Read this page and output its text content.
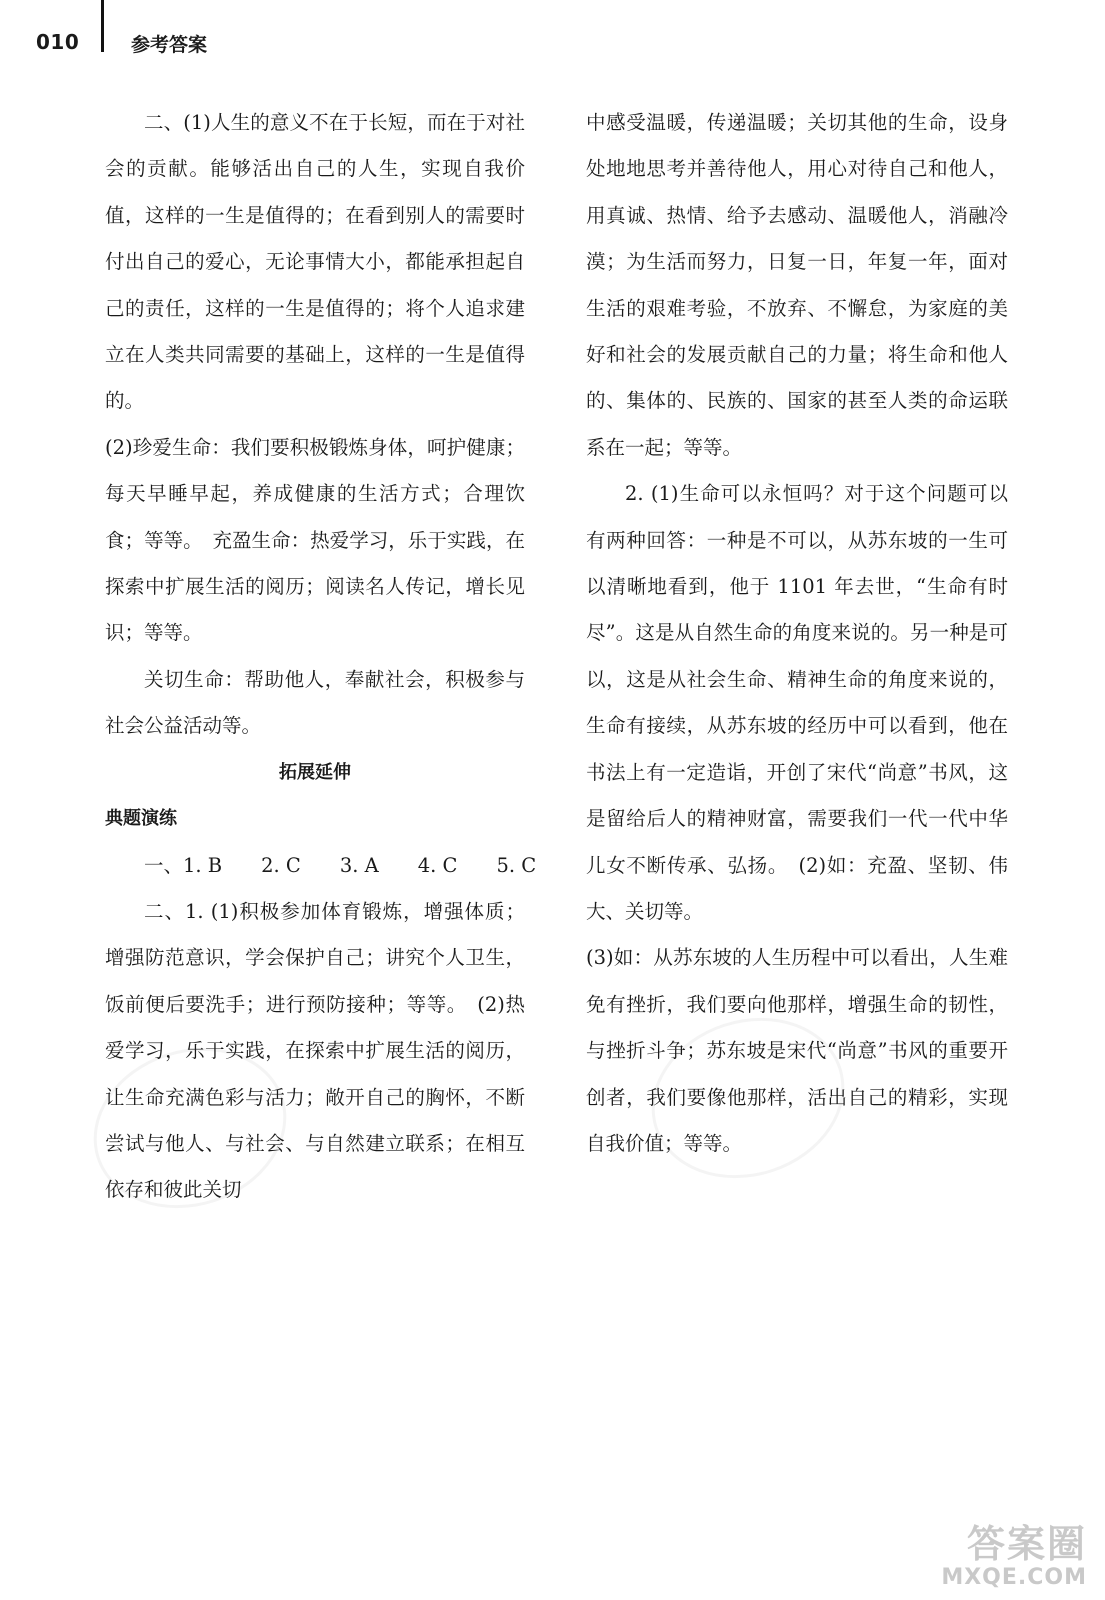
010	参考答案

二、(1)人生的意义不在于长短，而在于对社会的贡献。能够活出自己的人生，实现自我价值，这样的一生是值得的；在看到别人的需要时付出自己的爱心，无论事情大小，都能承担起自己的责任，这样的一生是值得的；将个人追求建立在人类共同需要的基础上，这样的一生是值得的。

(2)珍爱生命：我们要积极锻炼身体，呵护健康；每天早睡早起，养成健康的生活方式；合理饮食；等等。　充盈生命：热爱学习，乐于实践，在探索中扩展生活的阅历；阅读名人传记，增长见识；等等。

关切生命：帮助他人，奉献社会，积极参与社会公益活动等。

拓展延伸

典题演练

一、1. B　　2. C　　3. A　　4. C　　5. C

二、1. (1)积极参加体育锻炼，增强体质；增强防范意识，学会保护自己；讲究个人卫生，饭前便后要洗手；进行预防接种；等等。　(2)热爱学习，乐于实践，在探索中扩展生活的阅历，让生命充满色彩与活力；敞开自己的胸怀，不断尝试与他人、与社会、与自然建立联系；在相互依存和彼此关切

中感受温暖，传递温暖；关切其他的生命，设身处地地思考并善待他人，用心对待自己和他人，用真诚、热情、给予去感动、温暖他人，消融冷漠；为生活而努力，日复一日，年复一年，面对生活的艰难考验，不放弃、不懈怠，为家庭的美好和社会的发展贡献自己的力量；将生命和他人的、集体的、民族的、国家的甚至人类的命运联系在一起；等等。

2. (1)生命可以永恒吗？对于这个问题可以有两种回答：一种是不可以，从苏东坡的一生可以清晰地看到，他于 1101 年去世，“生命有时尽”。这是从自然生命的角度来说的。另一种是可以，这是从社会生命、精神生命的角度来说的，生命有接续，从苏东坡的经历中可以看到，他在书法上有一定造诣，开创了宋代“尚意”书风，这是留给后人的精神财富，需要我们一代一代中华儿女不断传承、弘扬。　(2)如：充盈、坚韧、伟大、关切等。

(3)如：从苏东坡的人生历程中可以看出，人生难免有挫折，我们要向他那样，增强生命的韧性，与挫折斗争；苏东坡是宋代“尚意”书风的重要开创者，我们要像他那样，活出自己的精彩，实现自我价值；等等。

答案圈
MXQE.COM
